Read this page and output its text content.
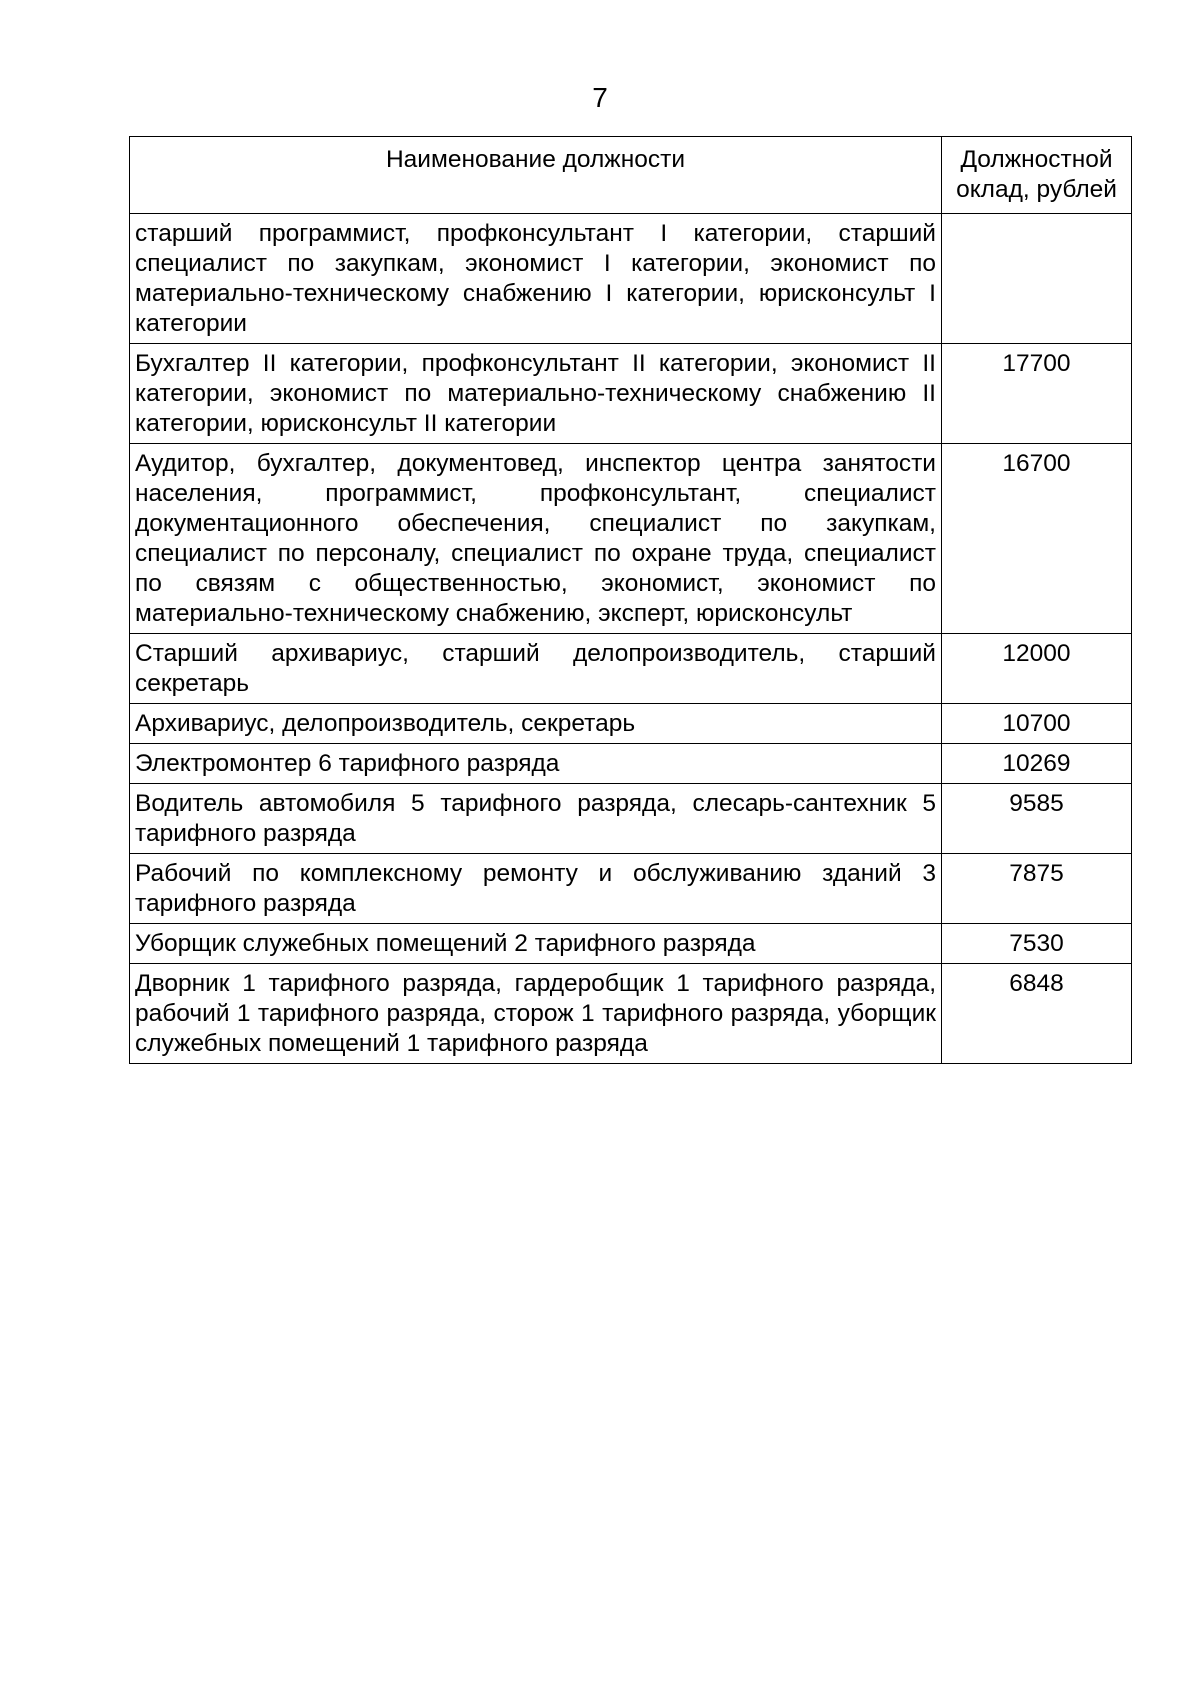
7
Наименование должности	Должностной оклад, рублей
старший программист, профконсультант I категории, старший специалист по закупкам, экономист I категории, экономист по материально-техническому снабжению I категории, юрисконсульт I категории	
Бухгалтер II категории, профконсультант II категории, экономист II категории, экономист по материально-техническому снабжению II категории, юрисконсульт II категории	17700
Аудитор, бухгалтер, документовед, инспектор центра занятости населения, программист, профконсультант, специалист документационного обеспечения, специалист по закупкам, специалист по персоналу, специалист по охране труда, специалист по связям с общественностью, экономист, экономист по материально-техническому снабжению, эксперт, юрисконсульт	16700
Старший архивариус, старший делопроизводитель, старший секретарь	12000
Архивариус, делопроизводитель, секретарь	10700
Электромонтер 6 тарифного разряда	10269
Водитель автомобиля 5 тарифного разряда, слесарь-сантехник 5 тарифного разряда	9585
Рабочий по комплексному ремонту и обслуживанию зданий 3 тарифного разряда	7875
Уборщик служебных помещений 2 тарифного разряда	7530
Дворник 1 тарифного разряда, гардеробщик 1 тарифного разряда, рабочий 1 тарифного разряда, сторож 1 тарифного разряда, уборщик служебных помещений 1 тарифного разряда	6848
